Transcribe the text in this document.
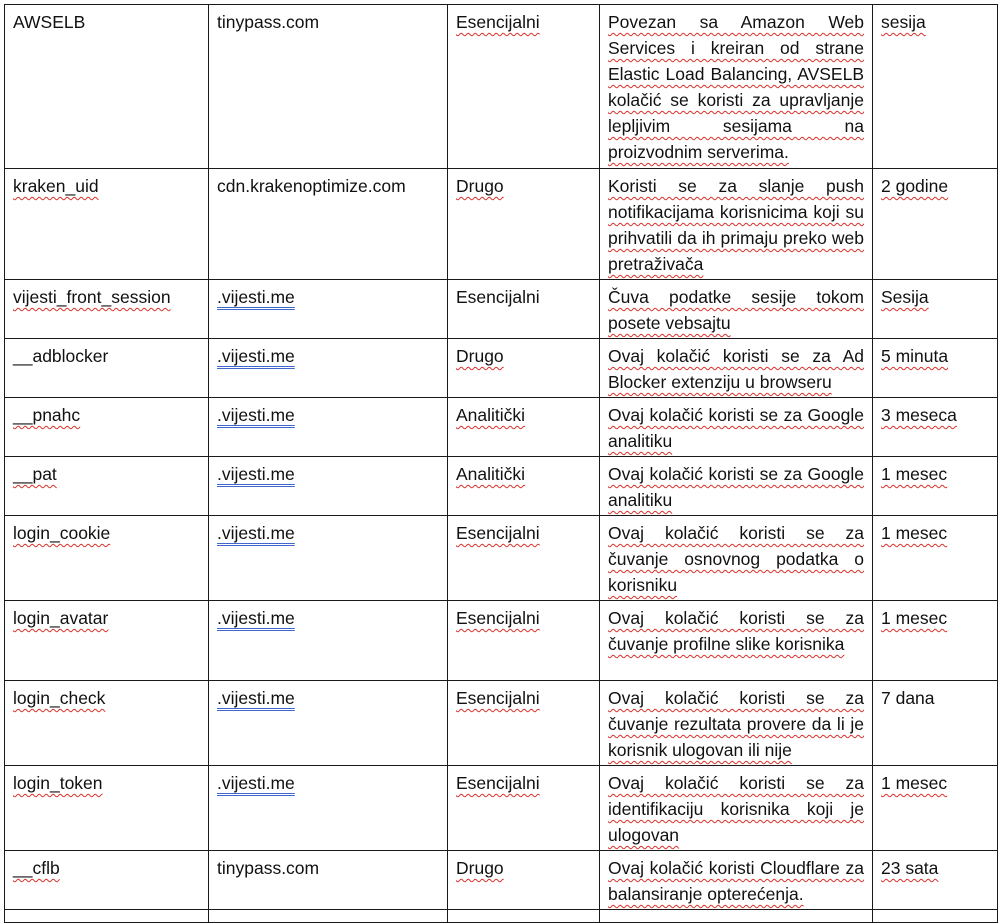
AWSELB	tinypass.com	Esencijalni	Povezan sa Amazon Web Services i kreiran od strane Elastic Load Balancing, AVSELB kolačić se koristi za upravljanje lepljivim sesijama na proizvodnim serverima.	sesija
kraken_uid	cdn.krakenoptimize.com	Drugo	Koristi se za slanje push notifikacijama korisnicima koji su prihvatili da ih primaju preko web pretraživača	2 godine
vijesti_front_session	.vijesti.me	Esencijalni	Čuva podatke sesije tokom posete vebsajtu	Sesija
__adblocker	.vijesti.me	Drugo	Ovaj kolačić koristi se za Ad Blocker extenziju u browseru	5 minuta
__pnahc	.vijesti.me	Analitički	Ovaj kolačić koristi se za Google analitiku	3 meseca
__pat	.vijesti.me	Analitički	Ovaj kolačić koristi se za Google analitiku	1 mesec
login_cookie	.vijesti.me	Esencijalni	Ovaj kolačić koristi se za čuvanje osnovnog podatka o korisniku	1 mesec
login_avatar	.vijesti.me	Esencijalni	Ovaj kolačić koristi se za čuvanje profilne slike korisnika	1 mesec
login_check	.vijesti.me	Esencijalni	Ovaj kolačić koristi se za čuvanje rezultata provere da li je korisnik ulogovan ili nije	7 dana
login_token	.vijesti.me	Esencijalni	Ovaj kolačić koristi se za identifikaciju korisnika koji je ulogovan	1 mesec
__cflb	tinypass.com	Drugo	Ovaj kolačić koristi Cloudflare za balansiranje opterećenja.	23 sata
